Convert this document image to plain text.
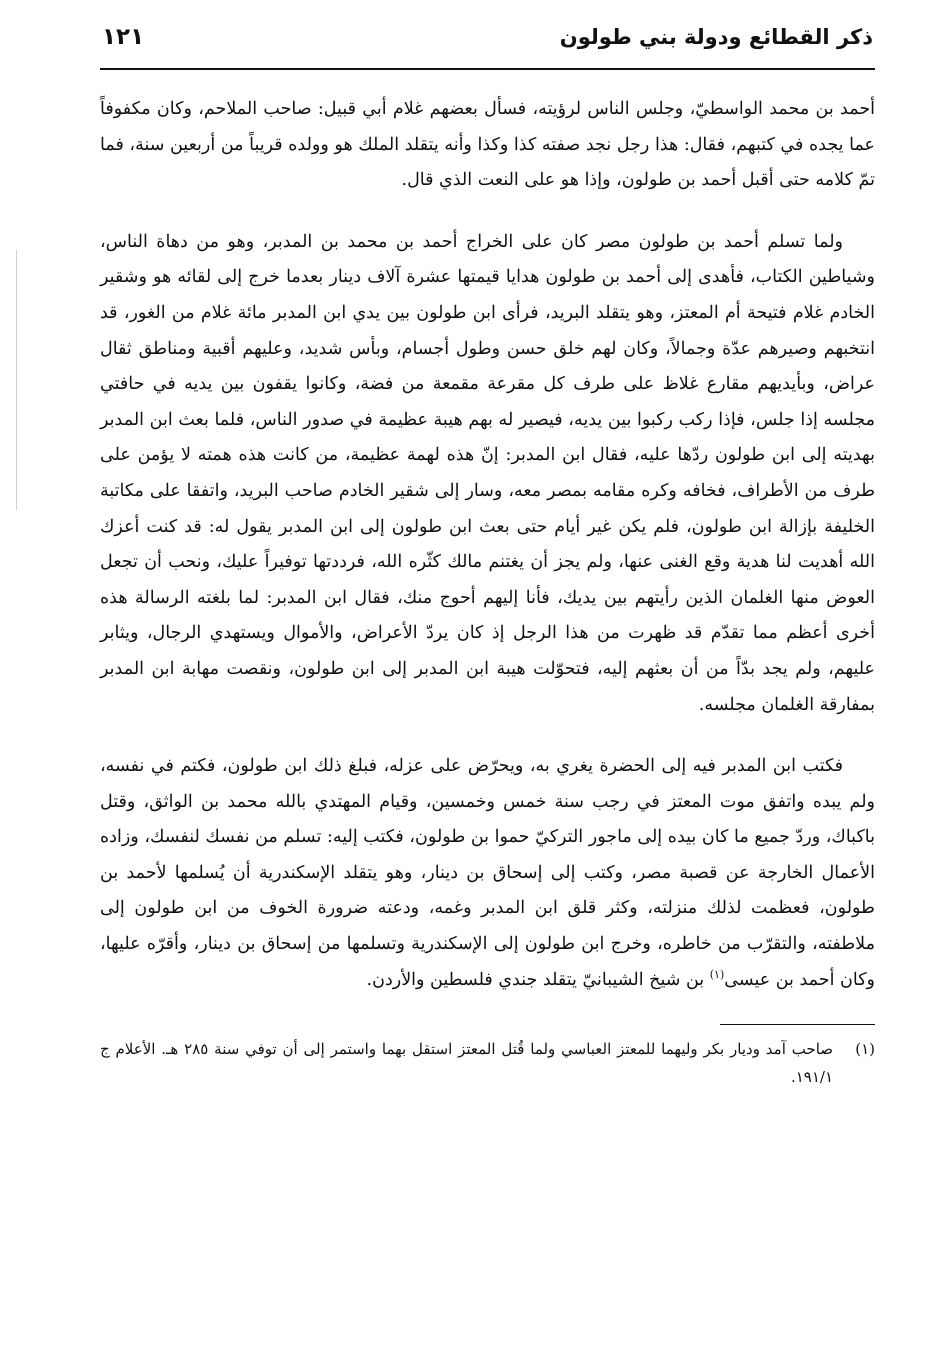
ذكر القطائع ودولة بني طولون
١٢١

أحمد بن محمد الواسطيّ، وجلس الناس لرؤيته، فسأل بعضهم غلام أبي قبيل: صاحب الملاحم، وكان مكفوفاً عما يجده في كتبهم، فقال: هذا رجل نجد صفته كذا وكذا وأنه يتقلد الملك هو وولده قريباً من أربعين سنة، فما تمّ كلامه حتى أقبل أحمد بن طولون، وإذا هو على النعت الذي قال.

ولما تسلم أحمد بن طولون مصر كان على الخراج أحمد بن محمد بن المدبر، وهو من دهاة الناس، وشياطين الكتاب، فأهدى إلى أحمد بن طولون هدايا قيمتها عشرة آلاف دينار بعدما خرج إلى لقائه هو وشقير الخادم غلام فتيحة أم المعتز، وهو يتقلد البريد، فرأى ابن طولون بين يدي ابن المدبر مائة غلام من الغور، قد انتخبهم وصيرهم عدّة وجمالاً، وكان لهم خلق حسن وطول أجسام، وبأس شديد، وعليهم أقبية ومناطق ثقال عراض، وبأيديهم مقارع غلاظ على طرف كل مقرعة مقمعة من فضة، وكانوا يقفون بين يديه في حافتي مجلسه إذا جلس، فإذا ركب ركبوا بين يديه، فيصير له بهم هيبة عظيمة في صدور الناس، فلما بعث ابن المدبر بهديته إلى ابن طولون ردّها عليه، فقال ابن المدبر: إنّ هذه لهمة عظيمة، من كانت هذه همته لا يؤمن على طرف من الأطراف، فخافه وكره مقامه بمصر معه، وسار إلى شقير الخادم صاحب البريد، واتفقا على مكاتبة الخليفة بإزالة ابن طولون، فلم يكن غير أيام حتى بعث ابن طولون إلى ابن المدبر يقول له: قد كنت أعزك الله أهديت لنا هدية وقع الغنى عنها، ولم يجز أن يغتنم مالك كثّره الله، فرددتها توفيراً عليك، ونحب أن تجعل العوض منها الغلمان الذين رأيتهم بين يديك، فأنا إليهم أحوج منك، فقال ابن المدبر: لما بلغته الرسالة هذه أخرى أعظم مما تقدّم قد ظهرت من هذا الرجل إذ كان يردّ الأعراض، والأموال ويستهدي الرجال، ويثابر عليهم، ولم يجد بدّاً من أن بعثهم إليه، فتحوّلت هيبة ابن المدبر إلى ابن طولون، ونقصت مهابة ابن المدبر بمفارقة الغلمان مجلسه.

فكتب ابن المدبر فيه إلى الحضرة يغري به، ويحرّض على عزله، فبلغ ذلك ابن طولون، فكتم في نفسه، ولم يبده واتفق موت المعتز في رجب سنة خمس وخمسين، وقيام المهتدي بالله محمد بن الواثق، وقتل باكباك، وردّ جميع ما كان بيده إلى ماجور التركيّ حموا بن طولون، فكتب إليه: تسلم من نفسك لنفسك، وزاده الأعمال الخارجة عن قصبة مصر، وكتب إلى إسحاق بن دينار، وهو يتقلد الإسكندرية أن يُسلمها لأحمد بن طولون، فعظمت لذلك منزلته، وكثر قلق ابن المدبر وغمه، ودعته ضرورة الخوف من ابن طولون إلى ملاطفته، والتقرّب من خاطره، وخرج ابن طولون إلى الإسكندرية وتسلمها من إسحاق بن دينار، وأقرّه عليها، وكان أحمد بن عيسى$^{(١)}$ بن شيخ الشيبانيّ يتقلد جندي فلسطين والأردن.

(١)
صاحب آمد وديار بكر وليهما للمعتز العباسي ولما قُتل المعتز استقل بهما واستمر إلى أن توفي سنة ٢٨٥ هـ. الأعلام ج ١٩١/١.
